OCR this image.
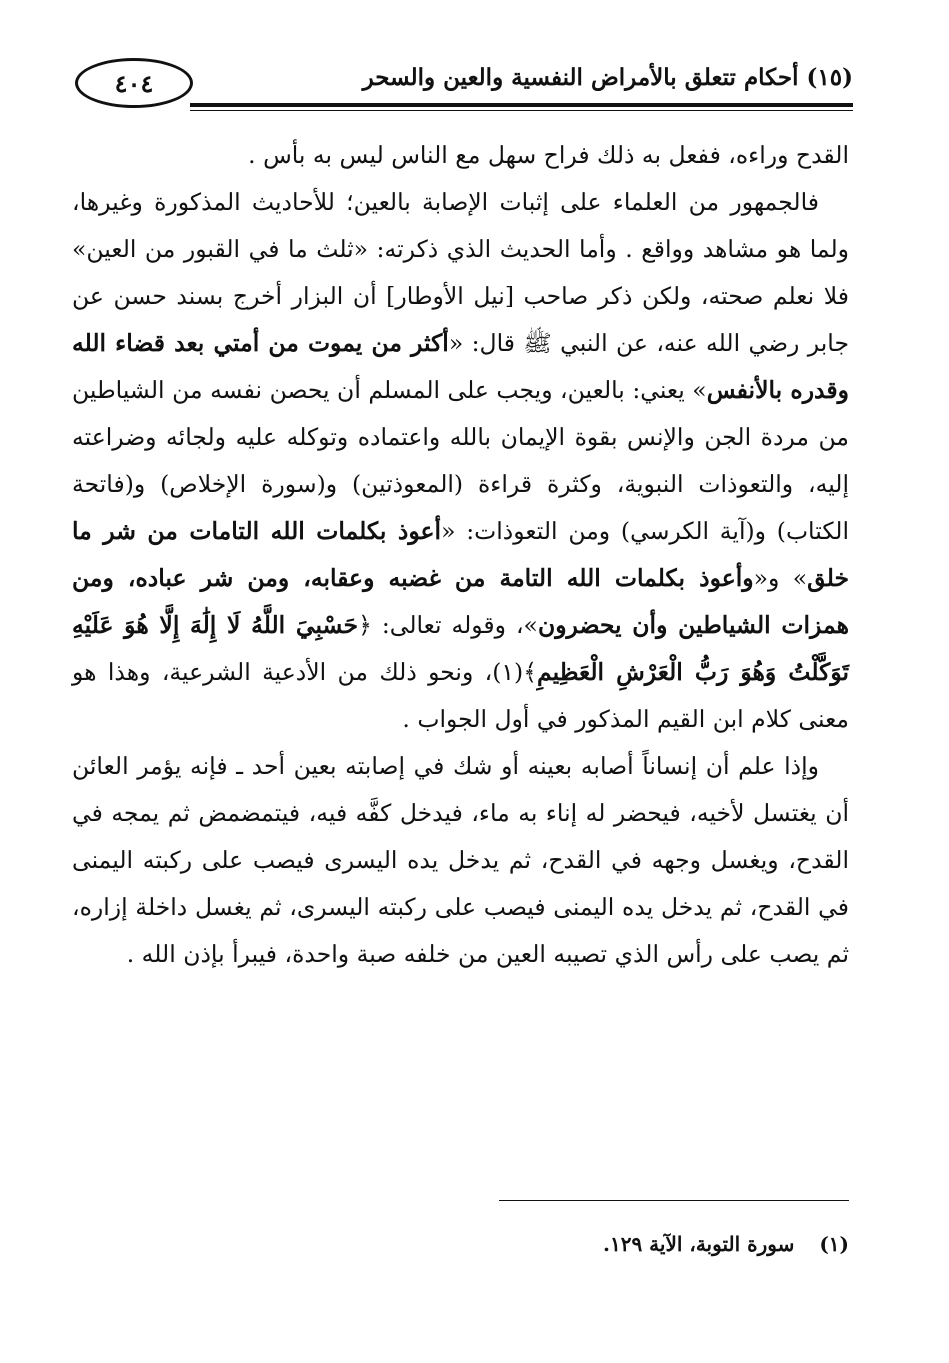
٤٠٤	(١٥) أحكام تتعلق بالأمراض النفسية والعين والسحر

القدح وراءه، ففعل به ذلك فراح سهل مع الناس ليس به بأس .

فالجمهور من العلماء على إثبات الإصابة بالعين؛ للأحاديث المذكورة وغيرها، ولما هو مشاهد وواقع . وأما الحديث الذي ذكرته: «ثلث ما في القبور من العين» فلا نعلم صحته، ولكن ذكر صاحب [نيل الأوطار] أن البزار أخرج بسند حسن عن جابر رضي الله عنه، عن النبي ﷺ قال: «أكثر من يموت من أمتي بعد قضاء الله وقدره بالأنفس» يعني: بالعين، ويجب على المسلم أن يحصن نفسه من الشياطين من مردة الجن والإنس بقوة الإيمان بالله واعتماده وتوكله عليه ولجائه وضراعته إليه، والتعوذات النبوية، وكثرة قراءة (المعوذتين) و(سورة الإخلاص) و(فاتحة الكتاب) و(آية الكرسي) ومن التعوذات: «أعوذ بكلمات الله التامات من شر ما خلق» و«وأعوذ بكلمات الله التامة من غضبه وعقابه، ومن شر عباده، ومن همزات الشياطين وأن يحضرون»، وقوله تعالى: ﴿حَسْبِيَ اللَّهُ لَا إِلَٰهَ إِلَّا هُوَ عَلَيْهِ تَوَكَّلْتُ وَهُوَ رَبُّ الْعَرْشِ الْعَظِيمِ﴾(١)، ونحو ذلك من الأدعية الشرعية، وهذا هو معنى كلام ابن القيم المذكور في أول الجواب .

وإذا علم أن إنساناً أصابه بعينه أو شك في إصابته بعين أحد ـ فإنه يؤمر العائن أن يغتسل لأخيه، فيحضر له إناء به ماء، فيدخل كفَّه فيه، فيتمضمض ثم يمجه في القدح، ويغسل وجهه في القدح، ثم يدخل يده اليسرى فيصب على ركبته اليمنى في القدح، ثم يدخل يده اليمنى فيصب على ركبته اليسرى، ثم يغسل داخلة إزاره، ثم يصب على رأس الذي تصيبه العين من خلفه صبة واحدة، فيبرأ بإذن الله .

(١) سورة التوبة، الآية ١٢٩.
